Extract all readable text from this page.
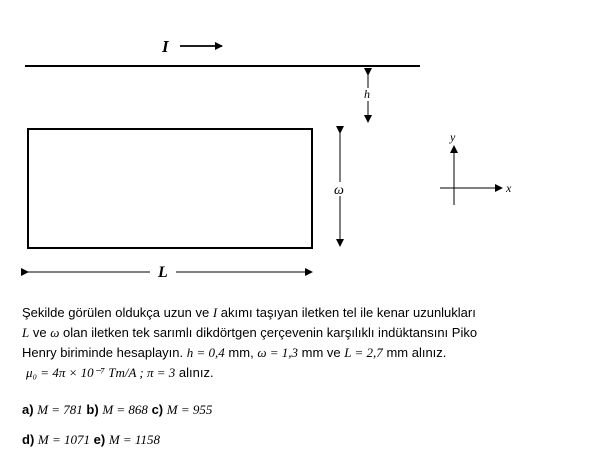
I
h
ω
L
y
x
Şekilde görülen oldukça uzun ve I akımı taşıyan iletken tel ile kenar uzunlukları
L ve ω olan iletken tek sarımlı dikdörtgen çerçevenin karşılıklı indüktansını Piko
Henry biriminde hesaplayın. h = 0,4 mm, ω = 1,3 mm ve L = 2,7 mm alınız.
μ₀ = 4π × 10⁻⁷ Tm/A ; π = 3 alınız.
a) M = 781 b) M = 868 c) M = 955
d) M = 1071 e) M = 1158
